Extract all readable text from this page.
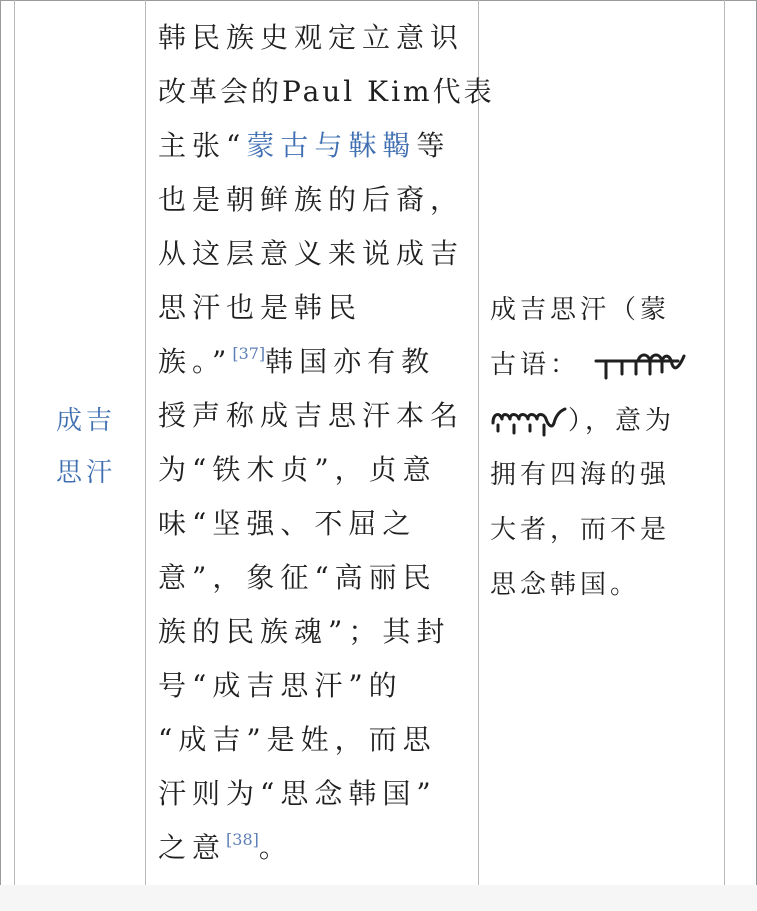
成吉
思汗
韩民族史观定立意识
改革会的Paul Kim代表
主张“蒙古与靺鞨等
也是朝鲜族的后裔，
从这层意义来说成吉
思汗也是韩民
族。”[37]韩国亦有教
授声称成吉思汗本名
为“铁木贞”，贞意
味“坚强、不屈之
意”，象征“高丽民
族的民族魂”；其封
号“成吉思汗”的
“成吉”是姓，而思
汗则为“思念韩国”
之意[38]。
成吉思汗（蒙
古语：
），意为
拥有四海的强
大者，而不是
思念韩国。
